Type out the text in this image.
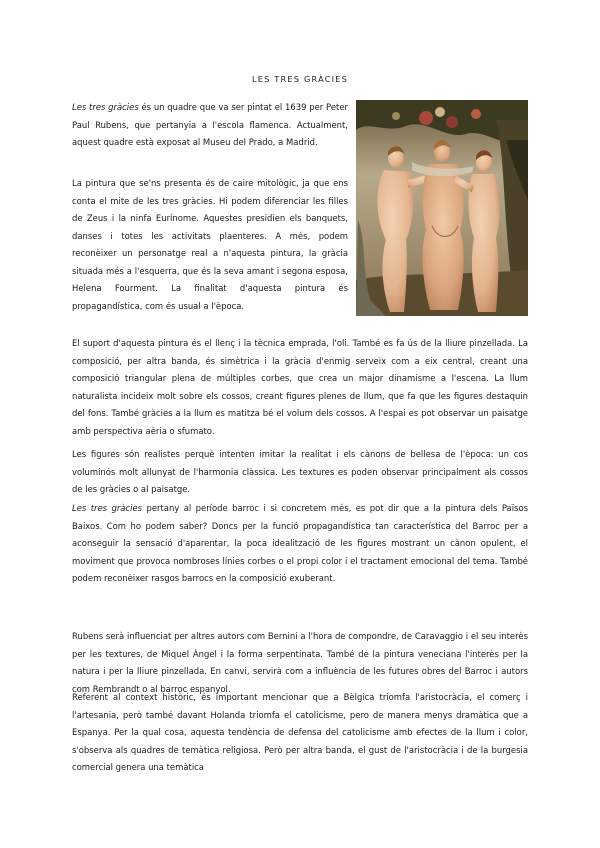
LES TRES GRÀCIES

Les tres gràcies és un quadre que va ser pintat el 1639 per Peter Paul Rubens, que pertanyia a l'escola flamenca. Actualment, aquest quadre està exposat al Museu del Prado, a Madrid.

La pintura que se'ns presenta és de caire mitològic, ja que ens conta el mite de les tres gràcies. Hi podem diferenciar les filles de Zeus i la ninfa Eurínome. Aquestes presidien els banquets, danses i totes les activitats plaenteres. A més, podem reconèixer un personatge real a n'aquesta pintura, la gràcia situada més a l'esquerra, que és la seva amant i segona esposa, Helena Fourment. La finalitat d'aquesta pintura és propagandística, com és usual a l'època.

El suport d'aquesta pintura és el llenç i la tècnica emprada, l'oli. També es fa ús de la lliure pinzellada. La composició, per altra banda, és simètrica i la gràcia d'enmig serveix com a eix central, creant una composició triangular plena de múltiples corbes, que crea un major dinamisme a l'escena. La llum naturalista incideix molt sobre els cossos, creant figures plenes de llum, que fa que les figures destaquin del fons. També gràcies a la llum es matitza bé el volum dels cossos. A l'espai es pot observar un paisatge amb perspectiva aèria o sfumato.

Les figures són realistes perquè intenten imitar la realitat i els cànons de bellesa de l'època: un cos voluminós molt allunyat de l'harmonia clàssica. Les textures es poden observar principalment als cossos de les gràcies o al paisatge.

Les tres gràcies pertany al període barroc i si concretem més, es pot dir que a la pintura dels Països Baixos. Com ho podem saber? Doncs per la funció propagandística tan característica del Barroc per a aconseguir la sensació d'aparentar, la poca idealització de les figures mostrant un cànon opulent, el moviment que provoca nombroses línies corbes o el propi color i el tractament emocional del tema. També podem reconèixer rasgos barrocs en la composició exuberant.

Rubens serà influenciat per altres autors com Bernini a l'hora de compondre, de Caravaggio i el seu interès per les textures, de Miquel Àngel i la forma serpentinata. També de la pintura veneciana l'interès per la natura i per la lliure pinzellada. En canvi, servirà com a influència de les futures obres del Barroc i autors com Rembrandt o al barroc espanyol.

Referent al context històric, és important mencionar que a Bèlgica triomfa l'aristocràcia, el comerç i l'artesania, però també davant Holanda triomfa el catolicisme, pero de manera menys dramàtica que a Espanya. Per la qual cosa, aquesta tendència de defensa del catolicisme amb efectes de la llum i color, s'observa als quadres de temàtica religiosa. Però per altra banda, el gust de l'aristocràcia i de la burgesia comercial genera una temàtica
